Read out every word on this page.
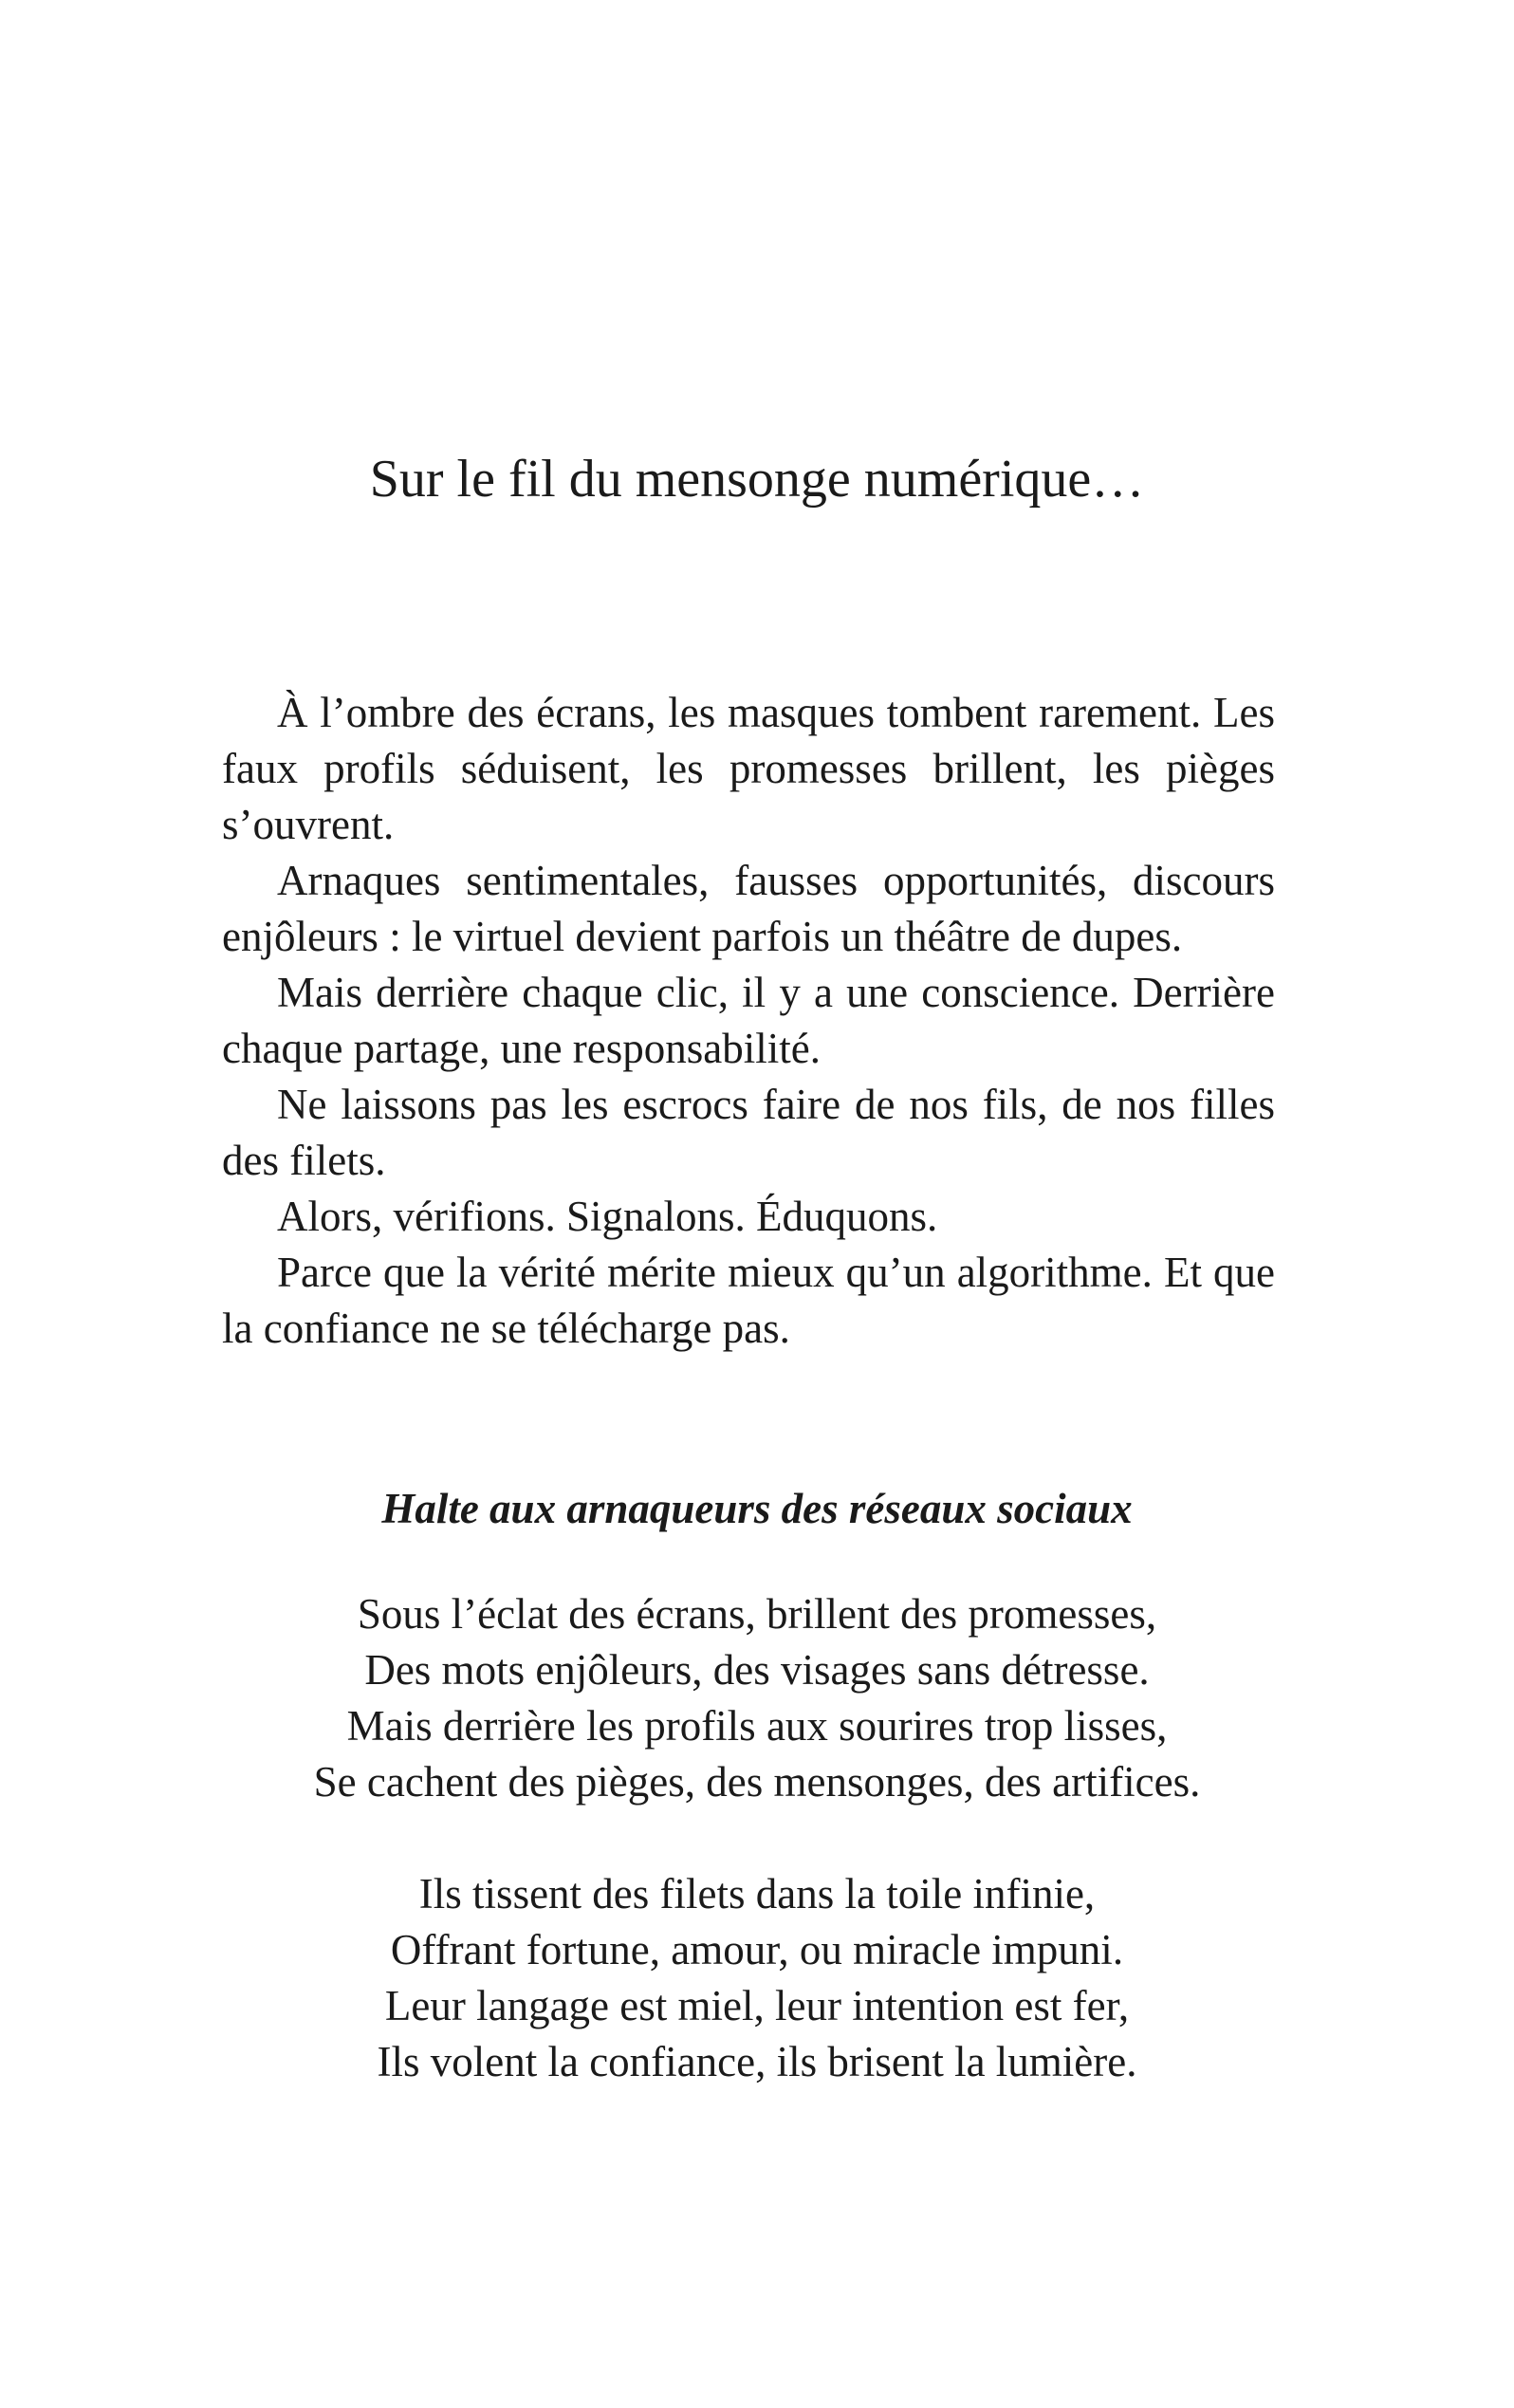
Sur le fil du mensonge numérique…

À l’ombre des écrans, les masques tombent rarement. Les faux profils séduisent, les promesses brillent, les pièges s’ouvrent.

Arnaques sentimentales, fausses opportunités, discours enjôleurs : le virtuel devient parfois un théâtre de dupes.

Mais derrière chaque clic, il y a une conscience. Derrière chaque partage, une responsabilité.

Ne laissons pas les escrocs faire de nos fils, de nos filles des filets.

Alors, vérifions. Signalons. Éduquons.

Parce que la vérité mérite mieux qu’un algorithme. Et que la confiance ne se télécharge pas.

Halte aux arnaqueurs des réseaux sociaux
Sous l’éclat des écrans, brillent des promesses,
Des mots enjôleurs, des visages sans détresse.
Mais derrière les profils aux sourires trop lisses,
Se cachent des pièges, des mensonges, des artifices.
Ils tissent des filets dans la toile infinie,
Offrant fortune, amour, ou miracle impuni.
Leur langage est miel, leur intention est fer,
Ils volent la confiance, ils brisent la lumière.
